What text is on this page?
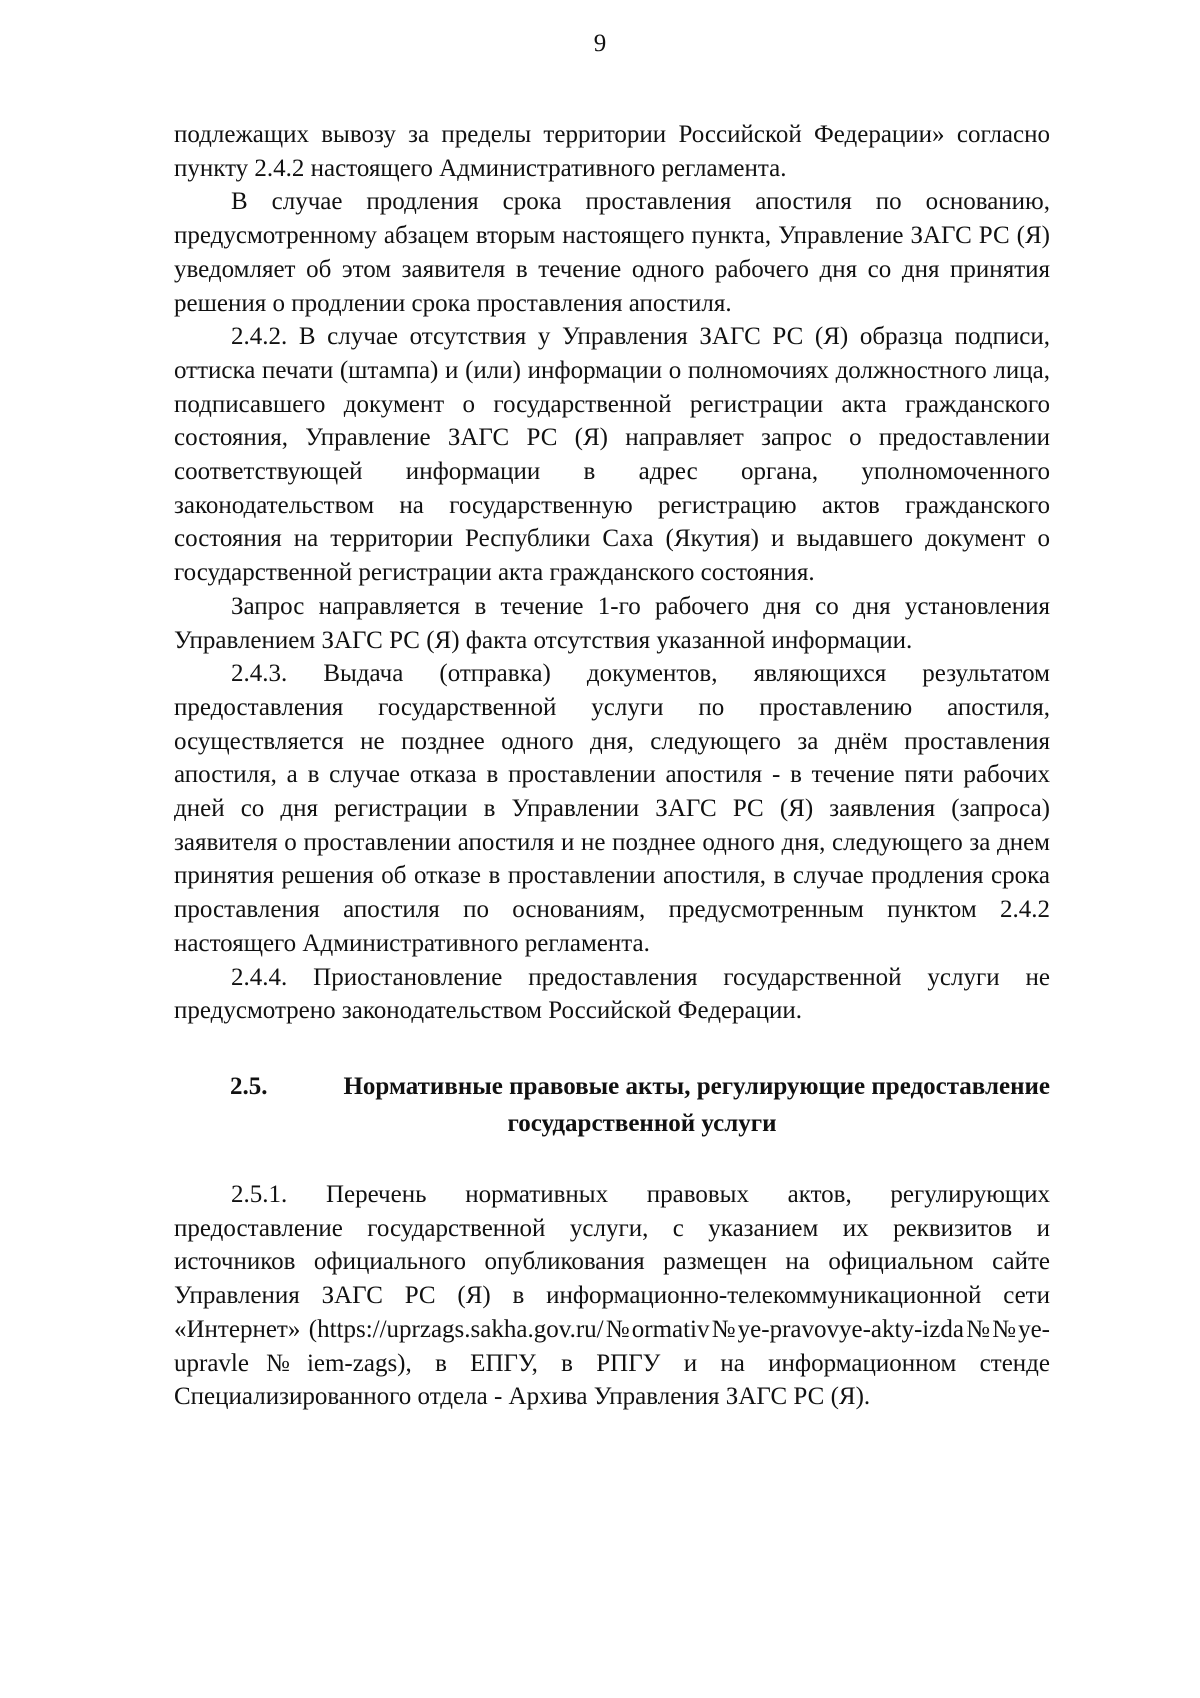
9

подлежащих вывозу за пределы территории Российской Федерации» согласно пункту 2.4.2 настоящего Административного регламента.

В случае продления срока проставления апостиля по основанию, предусмотренному абзацем вторым настоящего пункта, Управление ЗАГС РС (Я) уведомляет об этом заявителя в течение одного рабочего дня со дня принятия решения о продлении срока проставления апостиля.

2.4.2. В случае отсутствия у Управления ЗАГС РС (Я) образца подписи, оттиска печати (штампа) и (или) информации о полномочиях должностного лица, подписавшего документ о государственной регистрации акта гражданского состояния, Управление ЗАГС РС (Я) направляет запрос о предоставлении соответствующей информации в адрес органа, уполномоченного законодательством на государственную регистрацию актов гражданского состояния на территории Республики Саха (Якутия) и выдавшего документ о государственной регистрации акта гражданского состояния.

Запрос направляется в течение 1-го рабочего дня со дня установления Управлением ЗАГС РС (Я) факта отсутствия указанной информации.

2.4.3. Выдача (отправка) документов, являющихся результатом предоставления государственной услуги по проставлению апостиля, осуществляется не позднее одного дня, следующего за днём проставления апостиля, а в случае отказа в проставлении апостиля - в течение пяти рабочих дней со дня регистрации в Управлении ЗАГС РС (Я) заявления (запроса) заявителя о проставлении апостиля и не позднее одного дня, следующего за днем принятия решения об отказе в проставлении апостиля, в случае продления срока проставления апостиля по основаниям, предусмотренным пунктом 2.4.2 настоящего Административного регламента.

2.4.4. Приостановление предоставления государственной услуги не предусмотрено законодательством Российской Федерации.

2.5.	Нормативные правовые акты, регулирующие предоставление
государственной услуги

2.5.1. Перечень нормативных правовых актов, регулирующих предоставление государственной услуги, с указанием их реквизитов и источников официального опубликования размещен на официальном сайте Управления ЗАГС РС (Я) в информационно-телекоммуникационной сети «Интернет» (https://uprzags.sakha.gov.ru/№ormativ№ye-pravovye-akty-izda№№ye-upravle№iem-zags), в ЕПГУ, в РПГУ и на информационном стенде Специализированного отдела - Архива Управления ЗАГС РС (Я).
